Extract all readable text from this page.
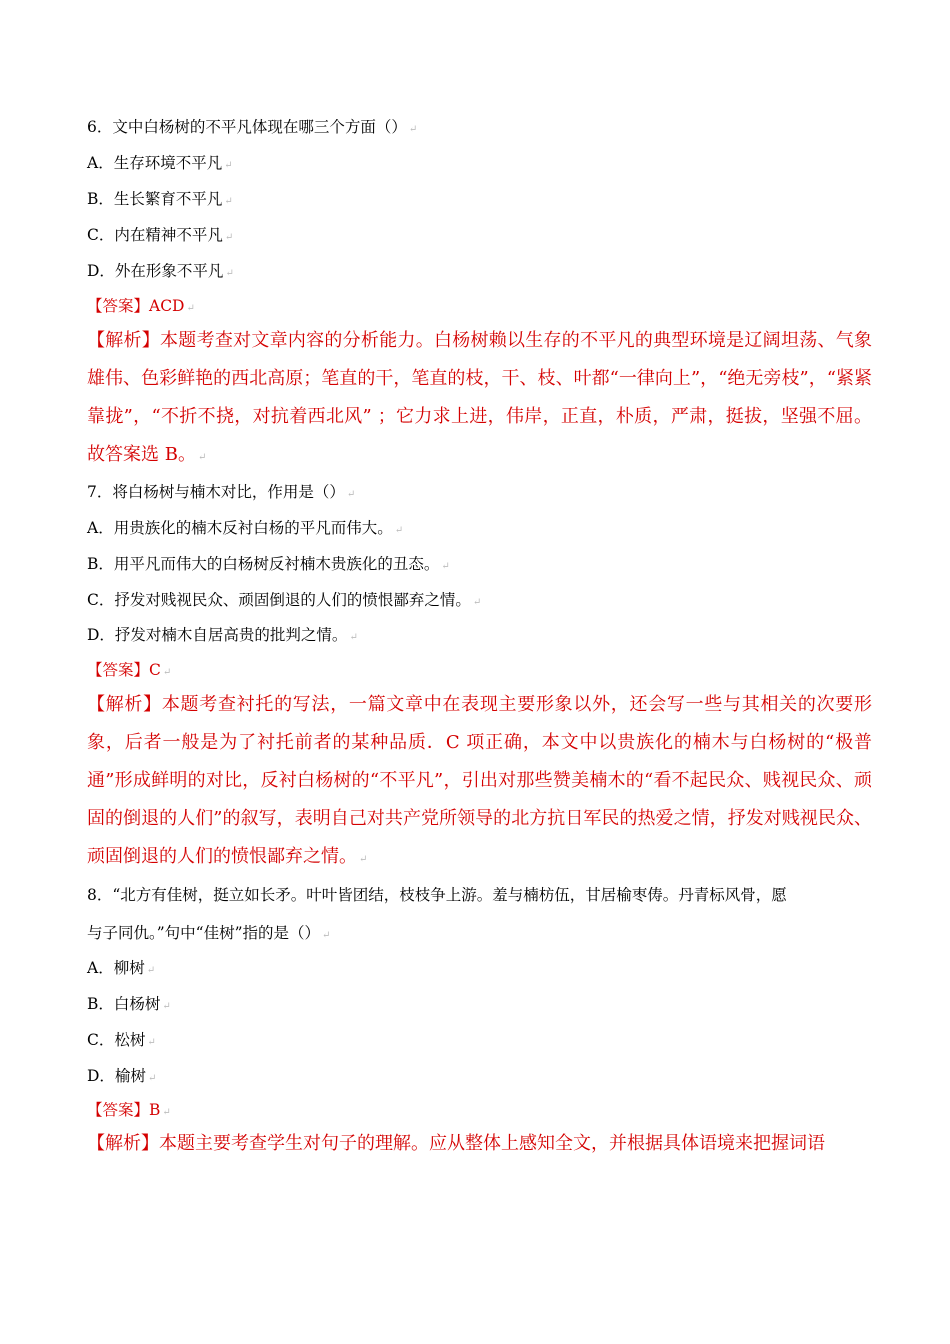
6．文中白杨树的不平凡体现在哪三个方面（） ↵
A．生存环境不平凡 ↵
B．生长繁育不平凡 ↵
C．内在精神不平凡 ↵
D．外在形象不平凡 ↵
【答案】ACD ↵
【解析】本题考查对文章内容的分析能力。白杨树赖以生存的不平凡的典型环境是辽阔坦荡、气象雄伟、色彩鲜艳的西北高原；笔直的干，笔直的枝，干、枝、叶都“一律向上”，“绝无旁枝”，“紧紧靠拢”，“不折不挠，对抗着西北风” ；它力求上进，伟岸，正直，朴质，严肃，挺拔，坚强不屈。故答案选 B。 ↵
7．将白杨树与楠木对比，作用是（） ↵
A．用贵族化的楠木反衬白杨的平凡而伟大。 ↵
B．用平凡而伟大的白杨树反衬楠木贵族化的丑态。 ↵
C．抒发对贱视民众、顽固倒退的人们的愤恨鄙弃之情。 ↵
D．抒发对楠木自居高贵的批判之情。 ↵
【答案】C ↵
【解析】本题考查衬托的写法，一篇文章中在表现主要形象以外，还会写一些与其相关的次要形象，后者一般是为了衬托前者的某种品质．C 项正确，本文中以贵族化的楠木与白杨树的“极普通”形成鲜明的对比，反衬白杨树的“不平凡”，引出对那些赞美楠木的“看不起民众、贱视民众、顽固的倒退的人们”的叙写，表明自己对共产党所领导的北方抗日军民的热爱之情，抒发对贱视民众、顽固倒退的人们的愤恨鄙弃之情。 ↵
8．“北方有佳树，挺立如长矛。叶叶皆团结，枝枝争上游。羞与楠枋伍，甘居榆枣俦。丹青标风骨，愿
与子同仇。”句中“佳树”指的是（） ↵
A．柳树 ↵
B．白杨树 ↵
C．松树 ↵
D．榆树 ↵
【答案】B ↵
【解析】本题主要考查学生对句子的理解。应从整体上感知全文，并根据具体语境来把握词语
